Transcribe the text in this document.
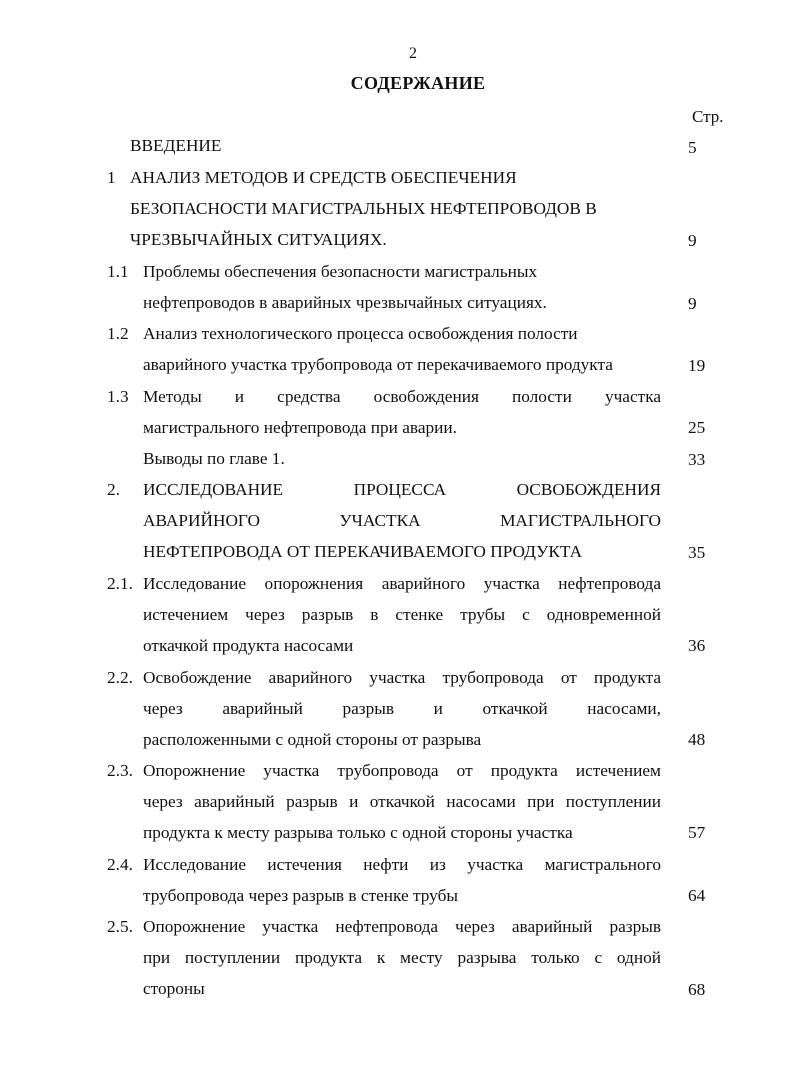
2
СОДЕРЖАНИЕ
Стр.
ВВЕДЕНИЕ	5
1 АНАЛИЗ МЕТОДОВ И СРЕДСТВ ОБЕСПЕЧЕНИЯ
БЕЗОПАСНОСТИ МАГИСТРАЛЬНЫХ НЕФТЕПРОВОДОВ В
ЧРЕЗВЫЧАЙНЫХ СИТУАЦИЯХ.	9
1.1 Проблемы обеспечения безопасности магистральных
нефтепроводов в аварийных чрезвычайных ситуациях.	9
1.2 Анализ технологического процесса освобождения полости
аварийного участка трубопровода от перекачиваемого продукта	19
1.3 Методы и средства освобождения полости участка
магистрального нефтепровода при аварии.	25
Выводы по главе 1.	33
2. ИССЛЕДОВАНИЕ ПРОЦЕССА ОСВОБОЖДЕНИЯ
АВАРИЙНОГО УЧАСТКА МАГИСТРАЛЬНОГО
НЕФТЕПРОВОДА ОТ ПЕРЕКАЧИВАЕМОГО ПРОДУКТА	35
2.1. Исследование опорожнения аварийного участка нефтепровода
истечением через разрыв в стенке трубы с одновременной
откачкой продукта насосами	36
2.2. Освобождение аварийного участка трубопровода от продукта
через аварийный разрыв и откачкой насосами,
расположенными с одной стороны от разрыва	48
2.3. Опорожнение участка трубопровода от продукта истечением
через аварийный разрыв и откачкой насосами при поступлении
продукта к месту разрыва только с одной стороны участка	57
2.4. Исследование истечения нефти из участка магистрального
трубопровода через разрыв в стенке трубы	64
2.5. Опорожнение участка нефтепровода через аварийный разрыв
при поступлении продукта к месту разрыва только с одной
стороны	68
